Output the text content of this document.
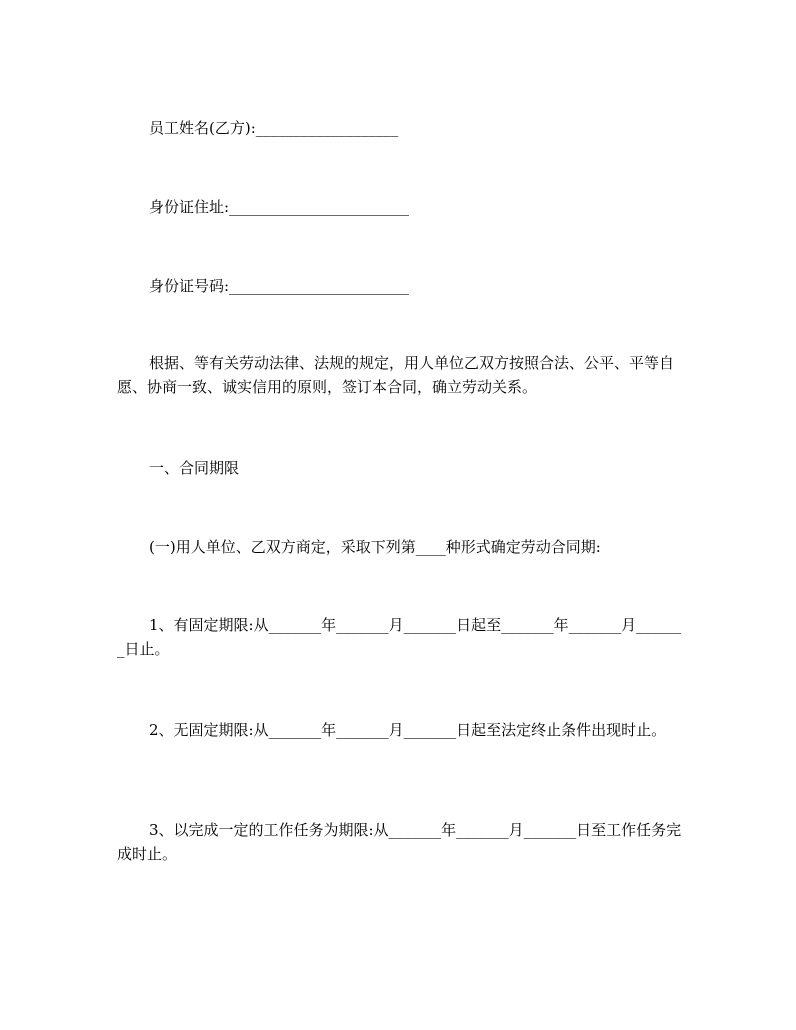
员工姓名(乙方):___________________

身份证住址:________________________

身份证号码:________________________

根据、等有关劳动法律、法规的规定，用人单位乙双方按照合法、公平、平等自愿、协商一致、诚实信用的原则，签订本合同，确立劳动关系。

一、合同期限

(一)用人单位、乙双方商定，采取下列第____种形式确定劳动合同期:

1、有固定期限:从_______年_______月_______日起至_______年_______月_______日止。

2、无固定期限:从_______年_______月_______日起至法定终止条件出现时止。

3、以完成一定的工作任务为期限:从_______年_______月_______日至工作任务完成时止。
